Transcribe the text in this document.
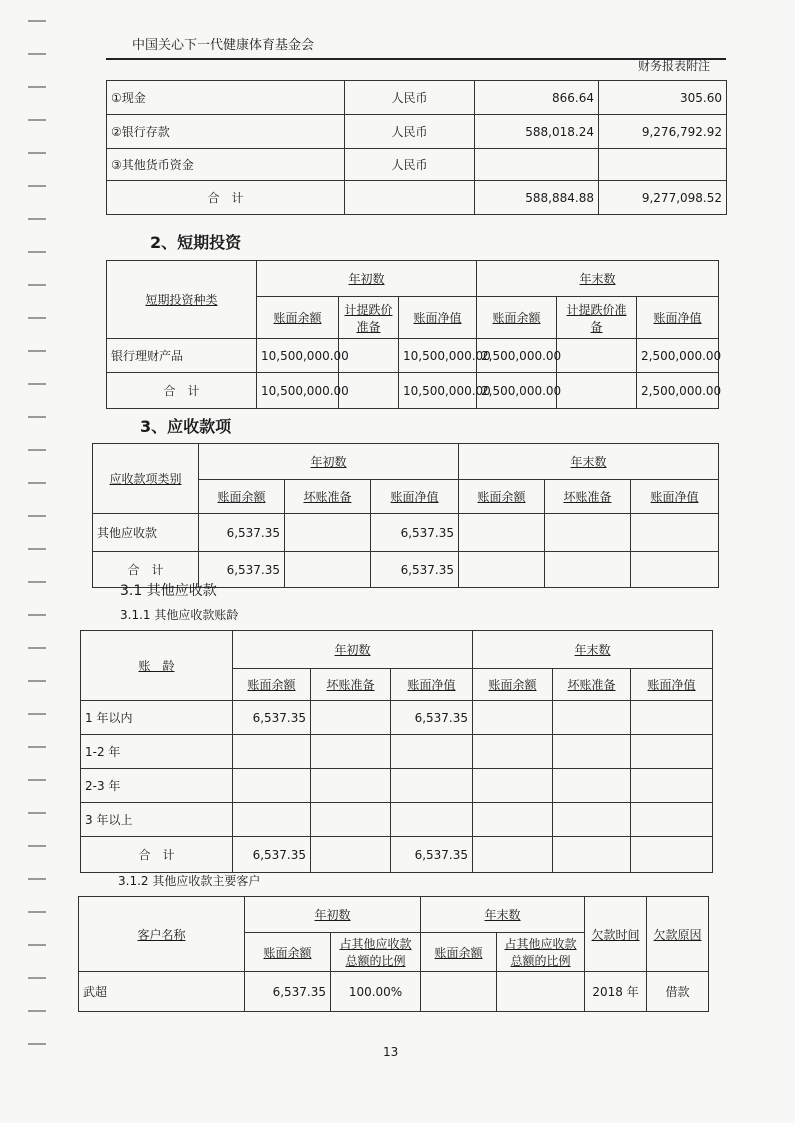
中国关心下一代健康体育基金会
财务报表附注
①现金	人民币	866.64	305.60
②银行存款	人民币	588,018.24	9,276,792.92
③其他货币资金	人民币		
合　计		588,884.88	9,277,098.52
2、短期投资
短期投资种类	年初数			年末数		
	账面余额	计提跌价准备	账面净值	账面余额	计提跌价准备	账面净值
银行理财产品	10,500,000.00		10,500,000.00	2,500,000.00		2,500,000.00
合　计	10,500,000.00		10,500,000.00	2,500,000.00		2,500,000.00
3、应收款项
应收款项类别	年初数			年末数		
	账面余额	坏账准备	账面净值	账面余额	坏账准备	账面净值
其他应收款	6,537.35		6,537.35			
合　计	6,537.35		6,537.35			
3.1 其他应收款
3.1.1 其他应收款账龄
账　龄	年初数			年末数		
	账面余额	坏账准备	账面净值	账面余额	坏账准备	账面净值
1 年以内	6,537.35		6,537.35			
1-2 年						
2-3 年						
3 年以上						
合　计	6,537.35		6,537.35			
3.1.2 其他应收款主要客户
客户名称	年初数		年末数		欠款时间	欠款原因
	账面余额	占其他应收款总额的比例	账面余额	占其他应收款总额的比例		
武超	6,537.35	100.00%			2018 年	借款
13
